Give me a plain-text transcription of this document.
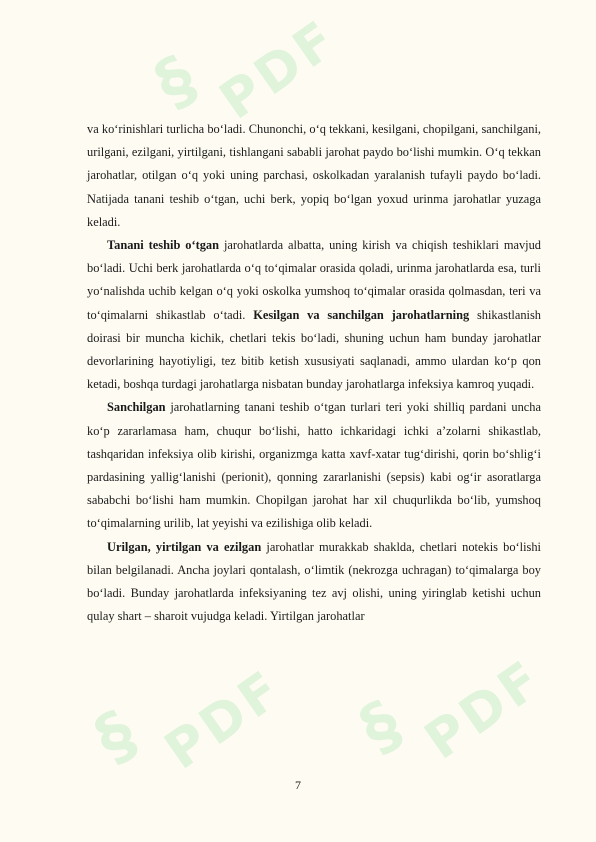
§ PDF
§ PDF § PDF

va ko‘rinishlari turlicha bo‘ladi. Chunonchi, o‘q tekkani, kesilgani, chopilgani, sanchilgani, urilgani, ezilgani, yirtilgani, tishlangani sababli jarohat paydo bo‘lishi mumkin. O‘q tekkan jarohatlar, otilgan o‘q yoki uning parchasi, oskolkadan yaralanish tufayli paydo bo‘ladi. Natijada tanani teshib o‘tgan, uchi berk, yopiq bo‘lgan yoxud urinma jarohatlar yuzaga keladi.

Tanani teshib o‘tgan jarohatlarda albatta, uning kirish va chiqish teshiklari mavjud bo‘ladi. Uchi berk jarohatlarda o‘q to‘qimalar orasida qoladi, urinma jarohatlarda esa, turli yo‘nalishda uchib kelgan o‘q yoki oskolka yumshoq to‘qimalar orasida qolmasdan, teri va to‘qimalarni shikastlab o‘tadi. Kesilgan va sanchilgan jarohatlarning shikastlanish doirasi bir muncha kichik, chetlari tekis bo‘ladi, shuning uchun ham bunday jarohatlar devorlarining hayotiyligi, tez bitib ketish xususiyati saqlanadi, ammo ulardan ko‘p qon ketadi, boshqa turdagi jarohatlarga nisbatan bunday jarohatlarga infeksiya kamroq yuqadi.

Sanchilgan jarohatlarning tanani teshib o‘tgan turlari teri yoki shilliq pardani uncha ko‘p zararlamasa ham, chuqur bo‘lishi, hatto ichkaridagi ichki a’zolarni shikastlab, tashqaridan infeksiya olib kirishi, organizmga katta xavf-xatar tug‘dirishi, qorin bo‘shlig‘i pardasining yallig‘lanishi (perionit), qonning zararlanishi (sepsis) kabi og‘ir asoratlarga sababchi bo‘lishi ham mumkin. Chopilgan jarohat har xil chuqurlikda bo‘lib, yumshoq to‘qimalarning urilib, lat yeyishi va ezilishiga olib keladi.

Urilgan, yirtilgan va ezilgan jarohatlar murakkab shaklda, chetlari notekis bo‘lishi bilan belgilanadi. Ancha joylari qontalash, o‘limtik (nekrozga uchragan) to‘qimalarga boy bo‘ladi. Bunday jarohatlarda infeksiyaning tez avj olishi, uning yiringlab ketishi uchun qulay shart – sharoit vujudga keladi. Yirtilgan jarohatlar

7
